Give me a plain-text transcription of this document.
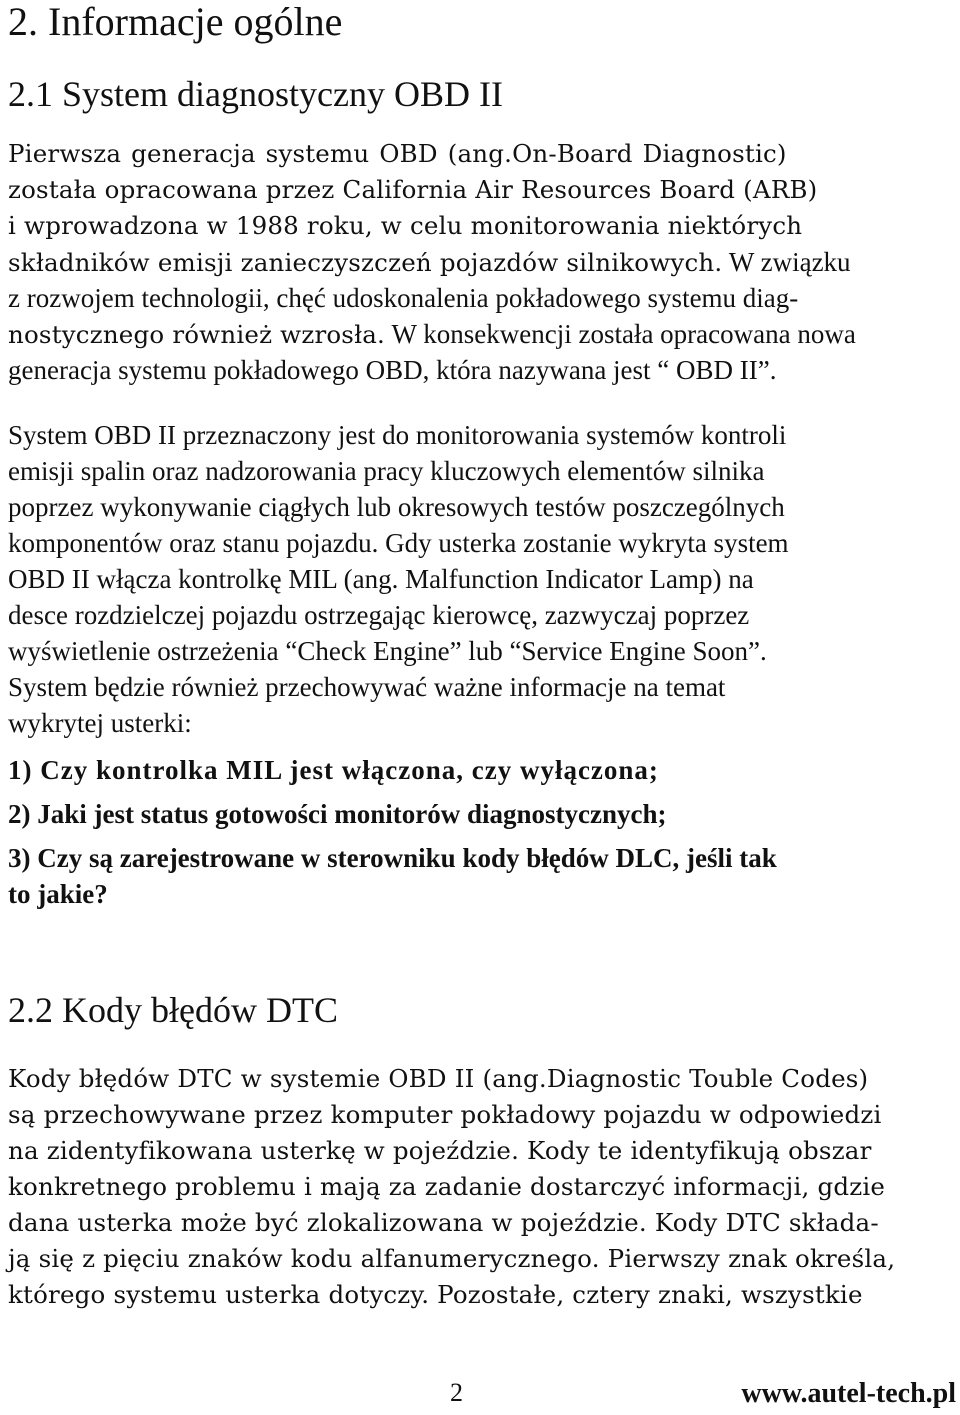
2. Informacje ogólne
2.1 System diagnostyczny OBD II
Pierwsza generacja systemu OBD (ang.On-Board Diagnostic)
została opracowana przez California Air Resources Board (ARB)
i wprowadzona w 1988 roku, w celu monitorowania niektórych
składników emisji zanieczyszczeń pojazdów silnikowych. W związku
z rozwojem technologii, chęć udoskonalenia pokładowego systemu diag-
nostycznego również wzrosła. W konsekwencji została opracowana nowa
generacja systemu pokładowego OBD, która nazywana jest “ OBD II”.
System OBD II przeznaczony jest do monitorowania systemów kontroli
emisji spalin oraz nadzorowania pracy kluczowych elementów silnika
poprzez wykonywanie ciągłych lub okresowych testów poszczególnych
komponentów oraz stanu pojazdu. Gdy usterka zostanie wykryta system
OBD II włącza kontrolkę MIL (ang. Malfunction Indicator Lamp) na
desce rozdzielczej pojazdu ostrzegając kierowcę, zazwyczaj poprzez
wyświetlenie ostrzeżenia “Check Engine” lub “Service Engine Soon”.
System będzie również przechowywać ważne informacje na temat
wykrytej usterki:
1) Czy kontrolka MIL jest włączona, czy wyłączona;
2) Jaki jest status gotowości monitorów diagnostycznych;
3) Czy są zarejestrowane w sterowniku kody błędów DLC, jeśli tak
to jakie?
2.2 Kody błędów DTC
Kody błędów DTC w systemie OBD II (ang.Diagnostic Touble Codes)
są przechowywane przez komputer pokładowy pojazdu w odpowiedzi
na zidentyfikowana usterkę w pojeździe. Kody te identyfikują obszar
konkretnego problemu i mają za zadanie dostarczyć informacji, gdzie
dana usterka może być zlokalizowana w pojeździe. Kody DTC składa-
ją się z pięciu znaków kodu alfanumerycznego. Pierwszy znak określa,
którego systemu usterka dotyczy. Pozostałe, cztery znaki, wszystkie
2	www.autel-tech.pl
